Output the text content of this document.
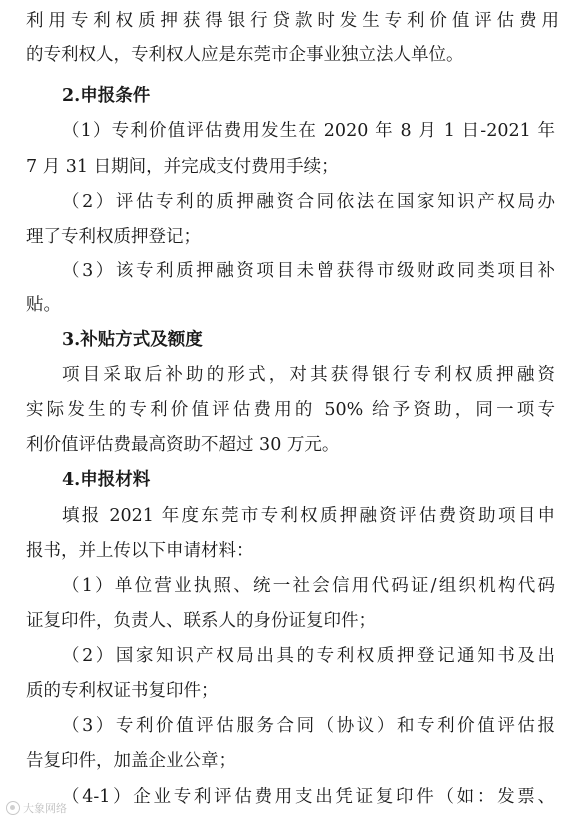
利用专利权质押获得银行贷款时发生专利价值评估费用
的专利权人，专利权人应是东莞市企事业独立法人单位。
2.申报条件
（1）专利价值评估费用发生在 2020 年 8 月 1 日-2021 年
7 月 31 日期间，并完成支付费用手续；
（2）评估专利的质押融资合同依法在国家知识产权局办
理了专利权质押登记；
（3）该专利质押融资项目未曾获得市级财政同类项目补
贴。
3.补贴方式及额度
项目采取后补助的形式，对其获得银行专利权质押融资
实际发生的专利价值评估费用的 50% 给予资助，同一项专
利价值评估费最高资助不超过 30 万元。
4.申报材料
填报 2021 年度东莞市专利权质押融资评估费资助项目申
报书，并上传以下申请材料：
（1）单位营业执照、统一社会信用代码证/组织机构代码
证复印件，负责人、联系人的身份证复印件；
（2）国家知识产权局出具的专利权质押登记通知书及出
质的专利权证书复印件；
（3）专利价值评估服务合同（协议）和专利价值评估报
告复印件，加盖企业公章；
（4-1）企业专利评估费用支出凭证复印件（如：发票、
大象网络
